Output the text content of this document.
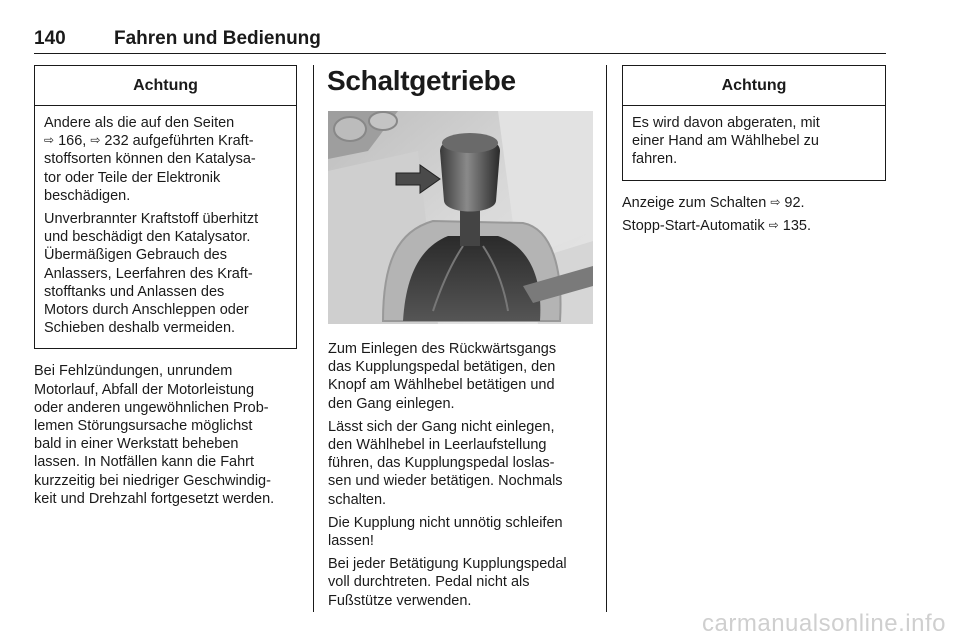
140	Fahren und Bedienung
Achtung

Andere als die auf den Seiten
⇨ 166, ⇨ 232 aufgeführten Kraft-
stoffsorten können den Katalysa-
tor oder Teile der Elektronik
beschädigen.

Unverbrannter Kraftstoff überhitzt
und beschädigt den Katalysator.
Übermäßigen Gebrauch des
Anlassers, Leerfahren des Kraft-
stofftanks und Anlassen des
Motors durch Anschleppen oder
Schieben deshalb vermeiden.

Bei Fehlzündungen, unrundem
Motorlauf, Abfall der Motorleistung
oder anderen ungewöhnlichen Prob-
lemen Störungsursache möglichst
bald in einer Werkstatt beheben
lassen. In Notfällen kann die Fahrt
kurzzeitig bei niedriger Geschwindig-
keit und Drehzahl fortgesetzt werden.

Schaltgetriebe

Zum Einlegen des Rückwärtsgangs
das Kupplungspedal betätigen, den
Knopf am Wählhebel betätigen und
den Gang einlegen.

Lässt sich der Gang nicht einlegen,
den Wählhebel in Leerlaufstellung
führen, das Kupplungspedal loslas-
sen und wieder betätigen. Nochmals
schalten.

Die Kupplung nicht unnötig schleifen
lassen!

Bei jeder Betätigung Kupplungspedal
voll durchtreten. Pedal nicht als
Fußstütze verwenden.

Achtung

Es wird davon abgeraten, mit
einer Hand am Wählhebel zu
fahren.

Anzeige zum Schalten ⇨ 92.

Stopp-Start-Automatik ⇨ 135.

carmanualsonline.info
